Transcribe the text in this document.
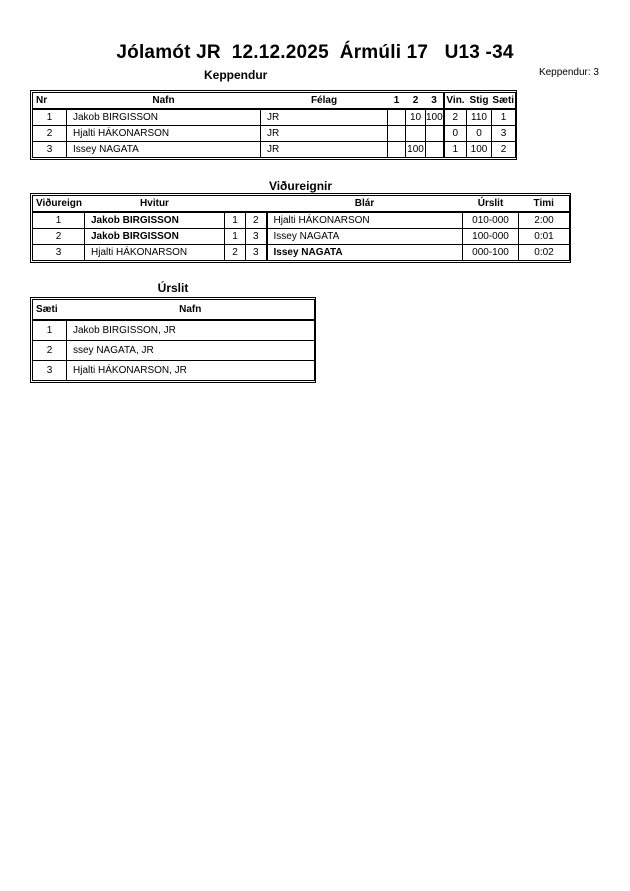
Jólamót JR  12.12.2025  Ármúli 17   U13 -34
Keppendur	Keppendur: 3
Nr	Nafn	Félag	1	2	3	Vin.	Stig	Sæti
1	Jakob BIRGISSON	JR		10	100	2	110	1
2	Hjalti HÁKONARSON	JR				0	0	3
3	Issey NAGATA	JR		100		1	100	2
Viðureignir
Viðureign	Hvitur			Blár	Úrslit	Timi
1	Jakob BIRGISSON	1	2	Hjalti HÁKONARSON	010-000	2:00
2	Jakob BIRGISSON	1	3	Issey NAGATA	100-000	0:01
3	Hjalti HÁKONARSON	2	3	Issey NAGATA	000-100	0:02
Úrslit
Sæti	Nafn
1	Jakob BIRGISSON, JR
2	ssey NAGATA, JR
3	Hjalti HÁKONARSON, JR
